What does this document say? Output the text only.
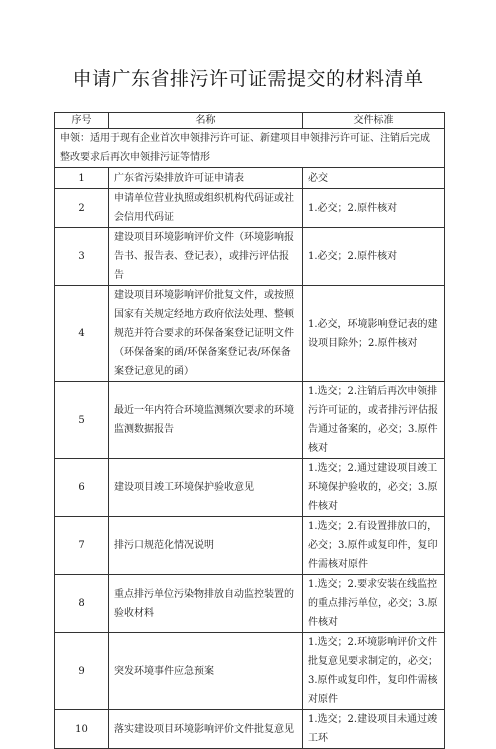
申请广东省排污许可证需提交的材料清单
序号	名称	交件标准
申领：适用于现有企业首次申领排污许可证、新建项目申领排污许可证、注销后完成整改要求后再次申领排污证等情形		
1	广东省污染排放许可证申请表	必交
2	申请单位营业执照或组织机构代码证或社会信用代码证	1.必交；2.原件核对
3	建设项目环境影响评价文件（环境影响报告书、报告表、登记表），或排污评估报告	1.必交；2.原件核对
4	建设项目环境影响评价批复文件，或按照国家有关规定经地方政府依法处理、整顿规范并符合要求的环保备案登记证明文件（环保备案的函/环保备案登记表/环保备案登记意见的函）	1.必交，环境影响登记表的建设项目除外；2.原件核对
5	最近一年内符合环境监测频次要求的环境监测数据报告	1.选交；2.注销后再次申领排污许可证的，或者排污评估报告通过备案的，必交；3.原件核对
6	建设项目竣工环境保护验收意见	1.选交；2.通过建设项目竣工环境保护验收的，必交；3.原件核对
7	排污口规范化情况说明	1.选交；2.有设置排放口的，必交；3.原件或复印件，复印件需核对原件
8	重点排污单位污染物排放自动监控装置的验收材料	1.选交；2.要求安装在线监控的重点排污单位，必交；3.原件核对
9	突发环境事件应急预案	1.选交；2.环境影响评价文件批复意见要求制定的，必交；3.原件或复印件，复印件需核对原件
10	落实建设项目环境影响评价文件批复意见	1.选交；2.建设项目未通过竣工环
